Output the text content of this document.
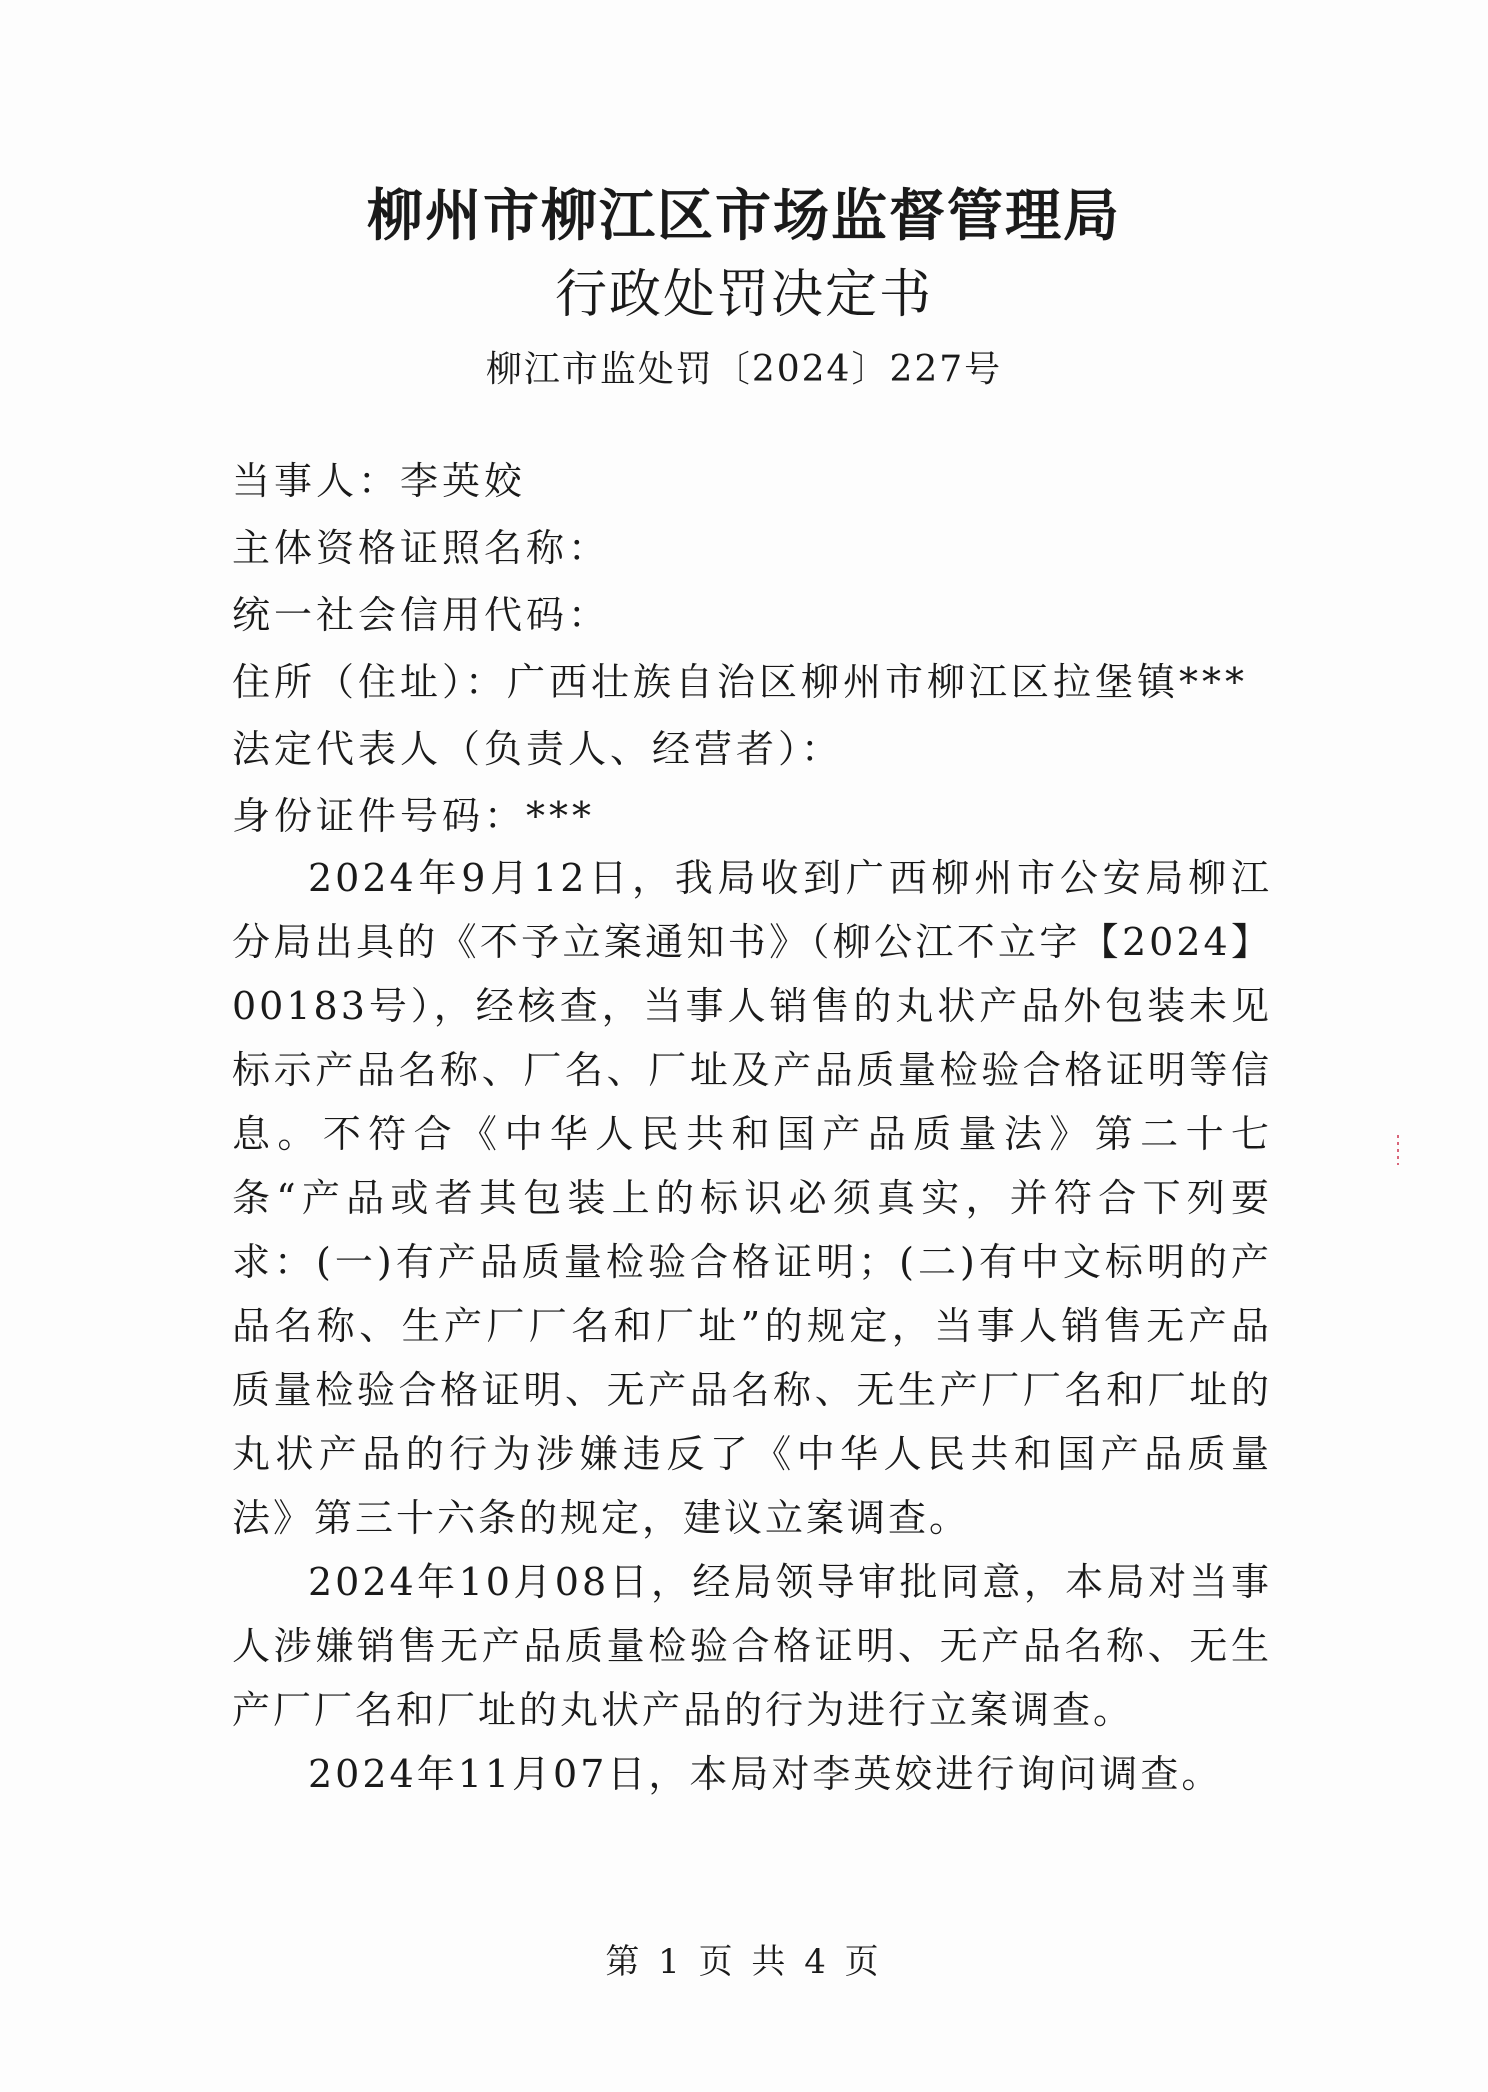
柳州市柳江区市场监督管理局
行政处罚决定书
柳江市监处罚〔2024〕227号
当事人：李英姣
主体资格证照名称：
统一社会信用代码：
住所（住址）：广西壮族自治区柳州市柳江区拉堡镇***
法定代表人（负责人、经营者）：
身份证件号码：***

2024年9月12日，我局收到广西柳州市公安局柳江分局出具的《不予立案通知书》（柳公江不立字【2024】00183号），经核查，当事人销售的丸状产品外包装未见标示产品名称、厂名、厂址及产品质量检验合格证明等信息。不符合《中华人民共和国产品质量法》第二十七条“产品或者其包装上的标识必须真实，并符合下列要求：(一)有产品质量检验合格证明；(二)有中文标明的产品名称、生产厂厂名和厂址”的规定，当事人销售无产品质量检验合格证明、无产品名称、无生产厂厂名和厂址的丸状产品的行为涉嫌违反了《中华人民共和国产品质量法》第三十六条的规定，建议立案调查。

2024年10月08日，经局领导审批同意，本局对当事人涉嫌销售无产品质量检验合格证明、无产品名称、无生产厂厂名和厂址的丸状产品的行为进行立案调查。

2024年11月07日，本局对李英姣进行询问调查。

第 1 页 共 4 页
